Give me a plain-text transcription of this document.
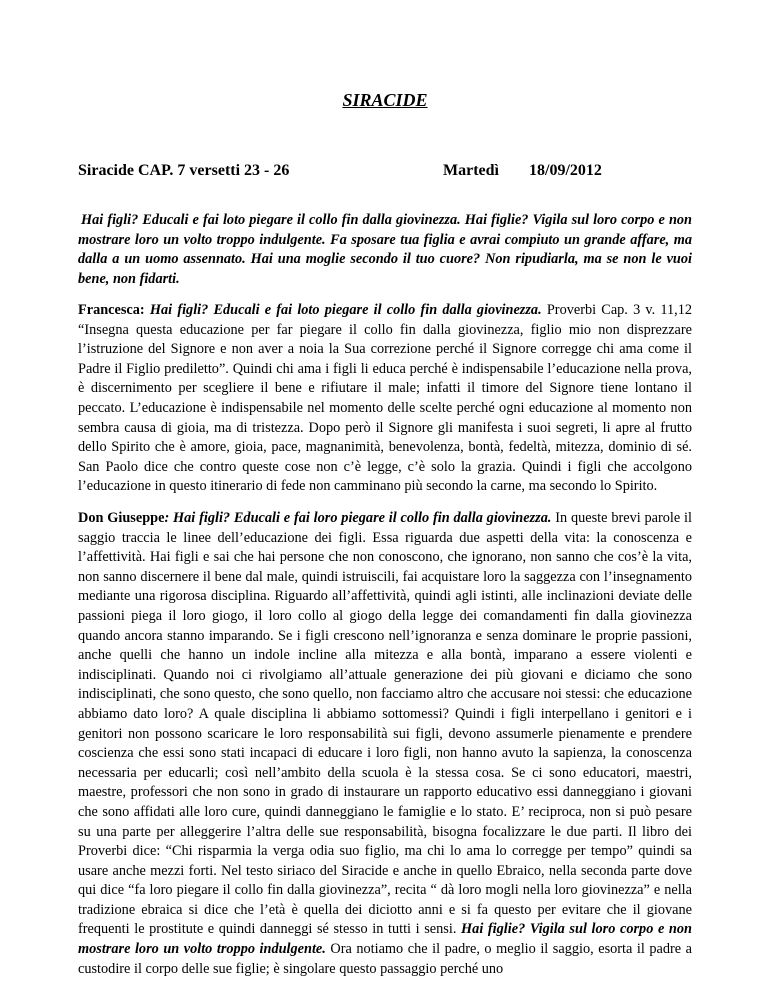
SIRACIDE
Siracide CAP. 7 versetti 23 - 26	Martedì 18/09/2012

Hai figli? Educali e fai loto piegare il collo fin dalla giovinezza. Hai figlie? Vigila sul loro corpo e non mostrare loro un volto troppo indulgente. Fa sposare tua figlia e avrai compiuto un grande affare, ma dalla a un uomo assennato. Hai una moglie secondo il tuo cuore? Non ripudiarla, ma se non le vuoi bene, non fidarti.

Francesca: Hai figli? Educali e fai loto piegare il collo fin dalla giovinezza. Proverbi Cap. 3 v. 11,12 “Insegna questa educazione per far piegare il collo fin dalla giovinezza, figlio mio non disprezzare l’istruzione del Signore e non aver a noia la Sua correzione perché il Signore corregge chi ama come il Padre il Figlio prediletto”. Quindi chi ama i figli li educa perché è indispensabile l’educazione nella prova, è discernimento per scegliere il bene e rifiutare il male; infatti il timore del Signore tiene lontano il peccato. L’educazione è indispensabile nel momento delle scelte perché ogni educazione al momento non sembra causa di gioia, ma di tristezza. Dopo però il Signore gli manifesta i suoi segreti, li apre al frutto dello Spirito che è amore, gioia, pace, magnanimità, benevolenza, bontà, fedeltà, mitezza, dominio di sé. San Paolo dice che contro queste cose non c’è legge, c’è solo la grazia. Quindi i figli che accolgono l’educazione in questo itinerario di fede non camminano più secondo la carne, ma secondo lo Spirito.

Don Giuseppe: Hai figli? Educali e fai loro piegare il collo fin dalla giovinezza. In queste brevi parole il saggio traccia le linee dell’educazione dei figli. Essa riguarda due aspetti della vita: la conoscenza e l’affettività. Hai figli e sai che hai persone che non conoscono, che ignorano, non sanno che cos’è la vita, non sanno discernere il bene dal male, quindi istruiscili, fai acquistare loro la saggezza con l’insegnamento mediante una rigorosa disciplina. Riguardo all’affettività, quindi agli istinti, alle inclinazioni deviate delle passioni piega il loro giogo, il loro collo al giogo della legge dei comandamenti fin dalla giovinezza quando ancora stanno imparando. Se i figli crescono nell’ignoranza e senza dominare le proprie passioni, anche quelli che hanno un indole incline alla mitezza e alla bontà, imparano a essere violenti e indisciplinati. Quando noi ci rivolgiamo all’attuale generazione dei più giovani e diciamo che sono indisciplinati, che sono questo, che sono quello, non facciamo altro che accusare noi stessi: che educazione abbiamo dato loro? A quale disciplina li abbiamo sottomessi? Quindi i figli interpellano i genitori e i genitori non possono scaricare le loro responsabilità sui figli, devono assumerle pienamente e prendere coscienza che essi sono stati incapaci di educare i loro figli, non hanno avuto la sapienza, la conoscenza necessaria per educarli; così nell’ambito della scuola è la stessa cosa. Se ci sono educatori, maestri, maestre, professori che non sono in grado di instaurare un rapporto educativo essi danneggiano i giovani che sono affidati alle loro cure, quindi danneggiano le famiglie e lo stato. E’ reciproca, non si può pesare su una parte per alleggerire l’altra delle sue responsabilità, bisogna focalizzare le due parti. Il libro dei Proverbi dice: “Chi risparmia la verga odia suo figlio, ma chi lo ama lo corregge per tempo” quindi sa usare anche mezzi forti. Nel testo siriaco del Siracide e anche in quello Ebraico, nella seconda parte dove qui dice “fa loro piegare il collo fin dalla giovinezza”, recita “ dà loro mogli nella loro giovinezza” e nella tradizione ebraica si dice che l’età è quella dei diciotto anni e si fa questo per evitare che il giovane frequenti le prostitute e quindi danneggi sé stesso in tutti i sensi. Hai figlie? Vigila sul loro corpo e non mostrare loro un volto troppo indulgente. Ora notiamo che il padre, o meglio il saggio, esorta il padre a custodire il corpo delle sue figlie; è singolare questo passaggio perché uno
